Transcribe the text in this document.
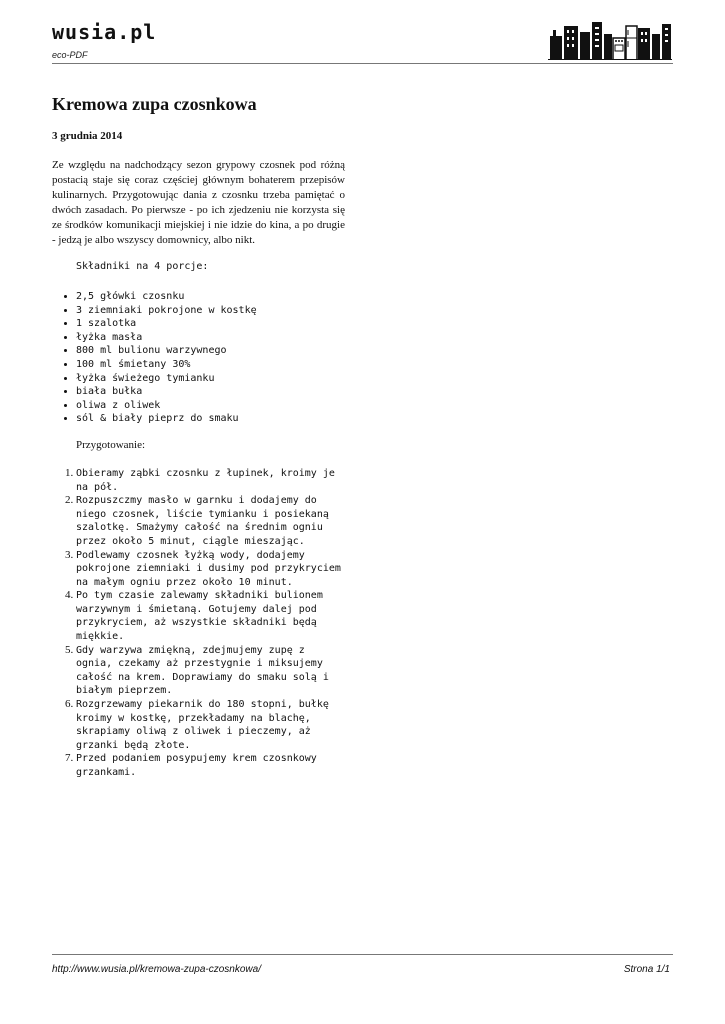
wusia.pl
eco-PDF
Kremowa zupa czosnkowa
3 grudnia 2014

Ze względu na nadchodzący sezon grypowy czosnek pod różną postacią staje się coraz częściej głównym bohaterem przepisów kulinarnych. Przygotowując dania z czosnku trzeba pamiętać o dwóch zasadach. Po pierwsze - po ich zjedzeniu nie korzysta się ze środków komunikacji miejskiej i nie idzie do kina, a po drugie - jedzą je albo wszyscy domownicy, albo nikt.

Składniki na 4 porcje:
• 2,5 główki czosnku
• 3 ziemniaki pokrojone w kostkę
• 1 szalotka
• łyżka masła
• 800 ml bulionu warzywnego
• 100 ml śmietany 30%
• łyżka świeżego tymianku
• biała bułka
• oliwa z oliwek
• sól & biały pieprz do smaku
Przygotowanie:
1. Obieramy ząbki czosnku z łupinek, kroimy je na pół.
2. Rozpuszczmy masło w garnku i dodajemy do niego czosnek, liście tymianku i posiekaną szalotkę. Smażymy całość na średnim ogniu przez około 5 minut, ciągle mieszając.
3. Podlewamy czosnek łyżką wody, dodajemy pokrojone ziemniaki i dusimy pod przykryciem na małym ogniu przez około 10 minut.
4. Po tym czasie zalewamy składniki bulionem warzywnym i śmietaną. Gotujemy dalej pod przykryciem, aż wszystkie składniki będą miękkie.
5. Gdy warzywa zmiękną, zdejmujemy zupę z ognia, czekamy aż przestygnie i miksujemy całość na krem. Doprawiamy do smaku solą i białym pieprzem.
6. Rozgrzewamy piekarnik do 180 stopni, bułkę kroimy w kostkę, przekładamy na blachę, skrapiamy oliwą z oliwek i pieczemy, aż grzanki będą złote.
7. Przed podaniem posypujemy krem czosnkowy grzankami.
http://www.wusia.pl/kremowa-zupa-czosnkowa/	Strona 1/1
